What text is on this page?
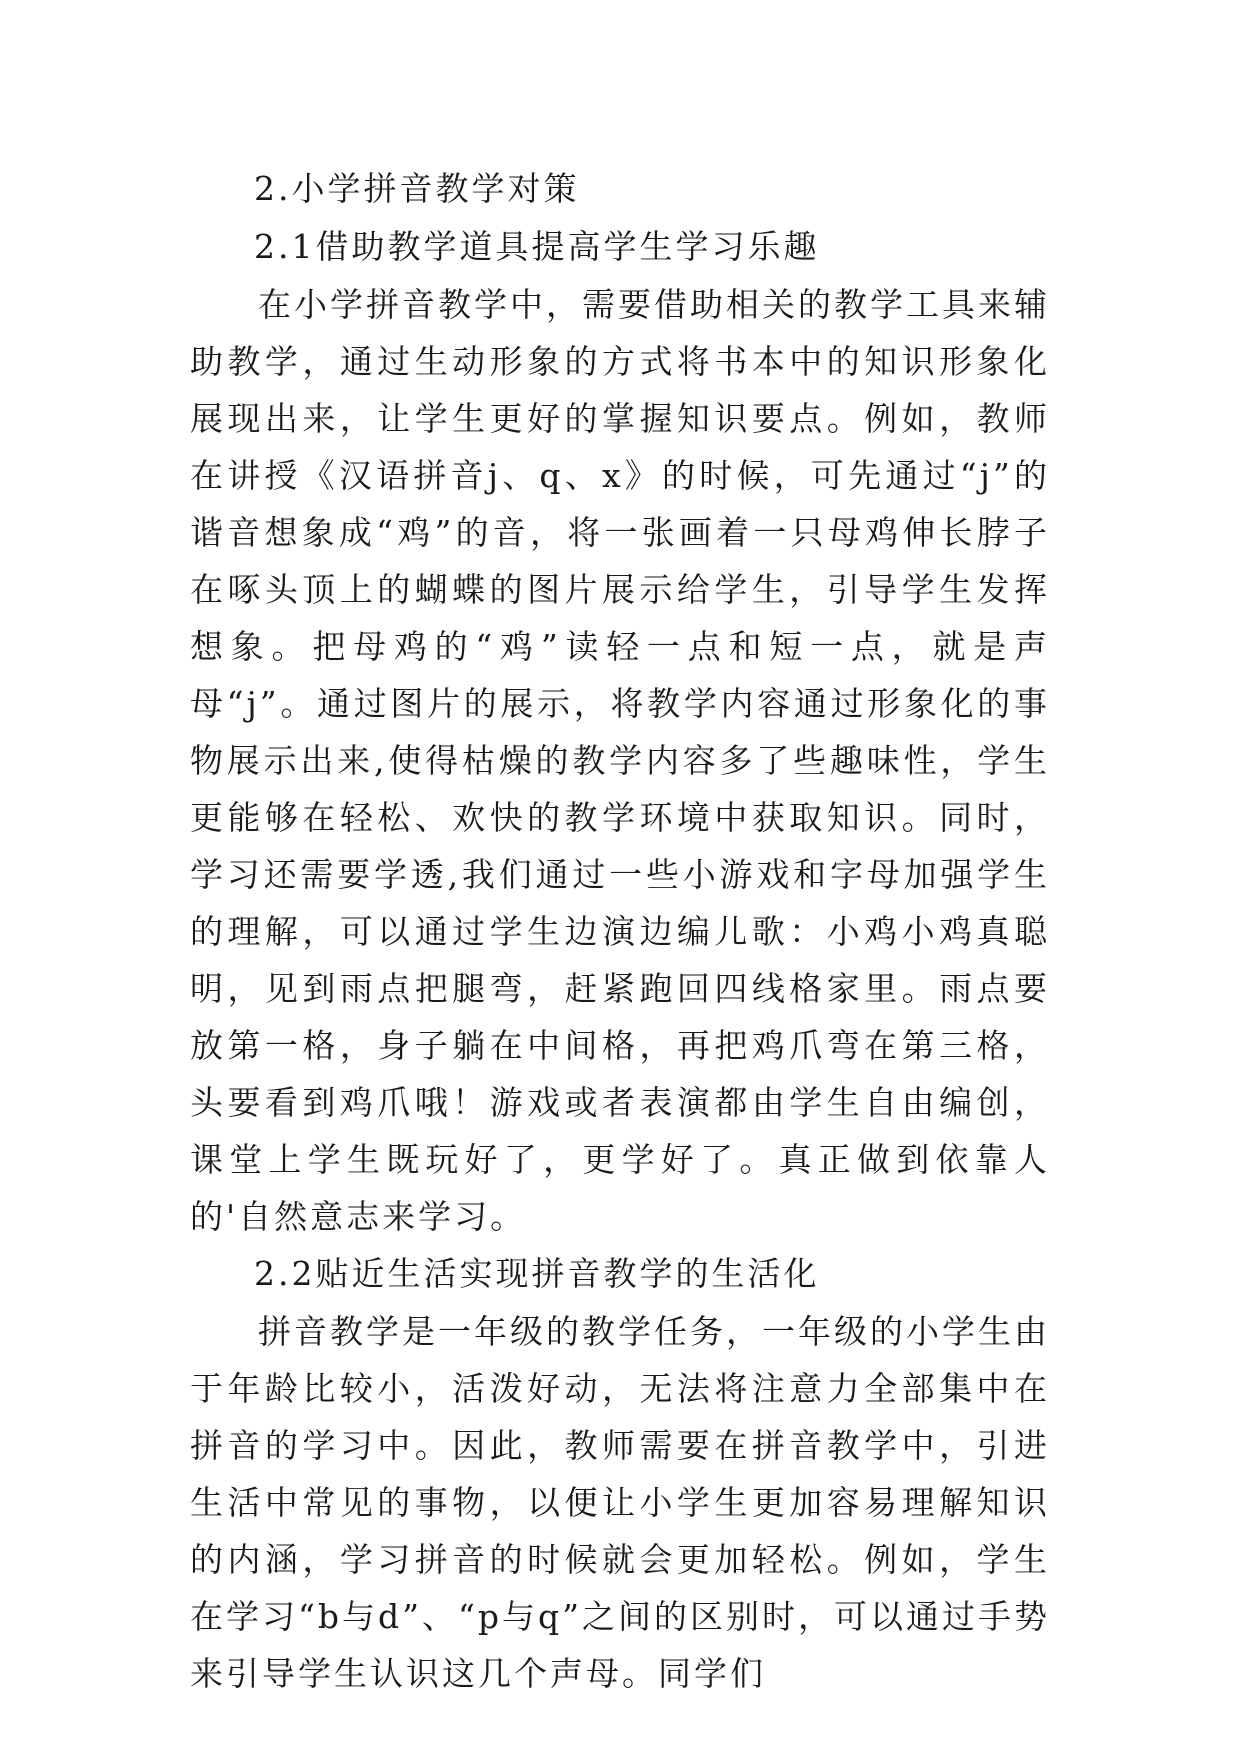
2.小学拼音教学对策
2.1借助教学道具提高学生学习乐趣

在小学拼音教学中，需要借助相关的教学工具来辅助教学，通过生动形象的方式将书本中的知识形象化展现出来，让学生更好的掌握知识要点。例如，教师在讲授《汉语拼音j、q、x》的时候，可先通过“j”的谐音想象成“鸡”的音，将一张画着一只母鸡伸长脖子在啄头顶上的蝴蝶的图片展示给学生，引导学生发挥想象。把母鸡的“鸡”读轻一点和短一点，就是声母“j”。通过图片的展示，将教学内容通过形象化的事物展示出来,使得枯燥的教学内容多了些趣味性，学生更能够在轻松、欢快的教学环境中获取知识。同时，学习还需要学透,我们通过一些小游戏和字母加强学生的理解，可以通过学生边演边编儿歌：小鸡小鸡真聪明，见到雨点把腿弯，赶紧跑回四线格家里。雨点要放第一格，身子躺在中间格，再把鸡爪弯在第三格，头要看到鸡爪哦！游戏或者表演都由学生自由编创，课堂上学生既玩好了，更学好了。真正做到依靠人的'自然意志来学习。

2.2贴近生活实现拼音教学的生活化

拼音教学是一年级的教学任务，一年级的小学生由于年龄比较小，活泼好动，无法将注意力全部集中在拼音的学习中。因此，教师需要在拼音教学中，引进生活中常见的事物，以便让小学生更加容易理解知识的内涵，学习拼音的时候就会更加轻松。例如，学生在学习“b与d”、“p与q”之间的区别时，可以通过手势来引导学生认识这几个声母。同学们
